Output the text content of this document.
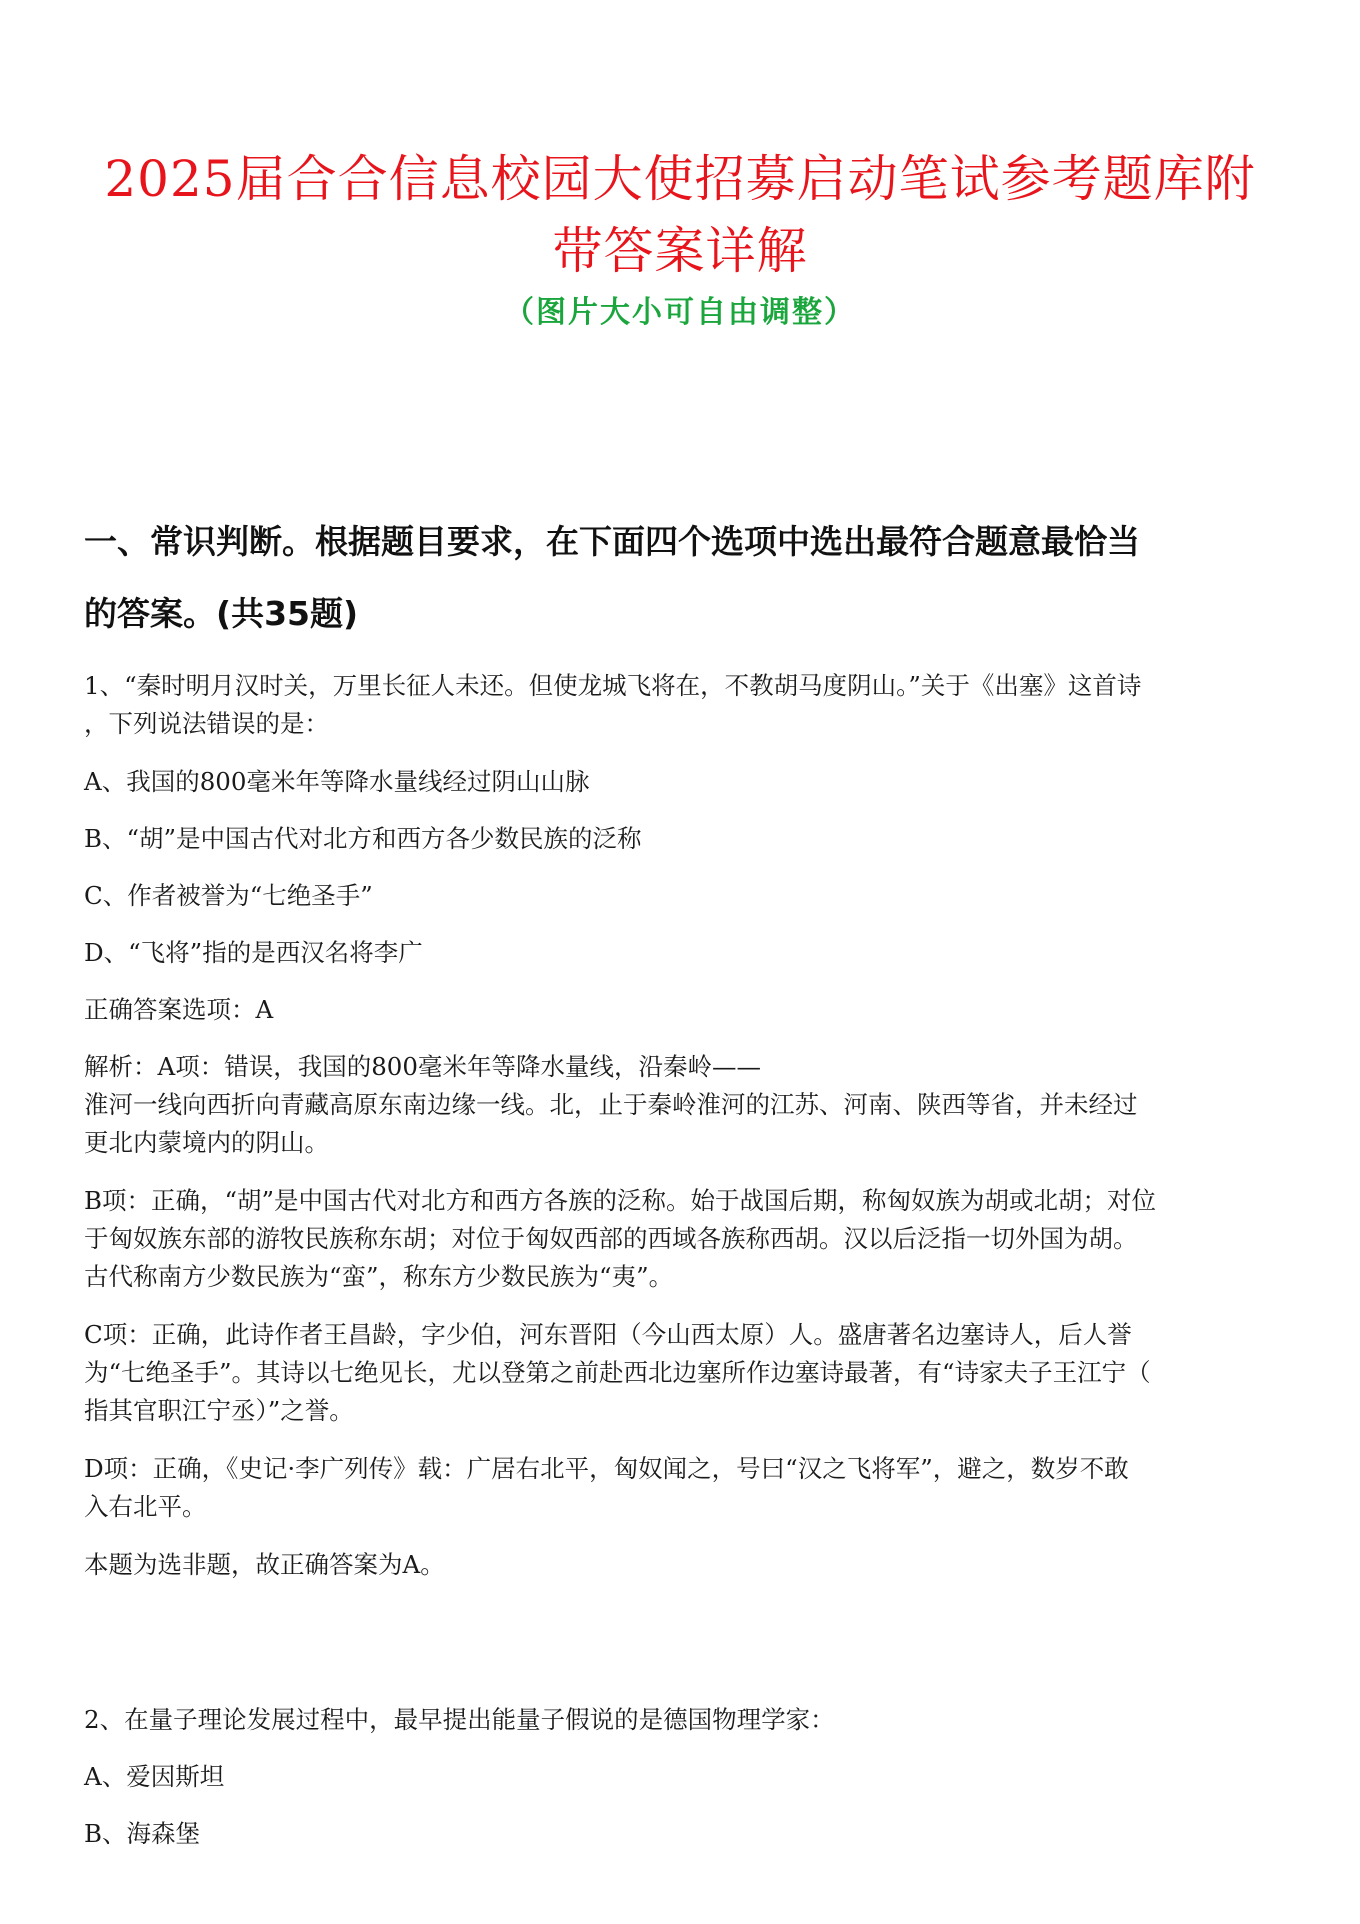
2025届合合信息校园大使招募启动笔试参考题库附
带答案详解
（图片大小可自由调整）
一、常识判断。根据题目要求，在下面四个选项中选出最符合题意最恰当
的答案。(共35题)
1、“秦时明月汉时关，万里长征人未还。但使龙城飞将在，不教胡马度阴山。”关于《出塞》这首诗
，下列说法错误的是：
A、我国的800毫米年等降水量线经过阴山山脉
B、“胡”是中国古代对北方和西方各少数民族的泛称
C、作者被誉为“七绝圣手”
D、“飞将”指的是西汉名将李广
正确答案选项：A
解析：A项：错误，我国的800毫米年等降水量线，沿秦岭——
淮河一线向西折向青藏高原东南边缘一线。北，止于秦岭淮河的江苏、河南、陕西等省，并未经过
更北内蒙境内的阴山。
B项：正确，“胡”是中国古代对北方和西方各族的泛称。始于战国后期，称匈奴族为胡或北胡；对位
于匈奴族东部的游牧民族称东胡；对位于匈奴西部的西域各族称西胡。汉以后泛指一切外国为胡。
古代称南方少数民族为“蛮”，称东方少数民族为“夷”。
C项：正确，此诗作者王昌龄，字少伯，河东晋阳（今山西太原）人。盛唐著名边塞诗人，后人誉
为“七绝圣手”。其诗以七绝见长，尤以登第之前赴西北边塞所作边塞诗最著，有“诗家夫子王江宁（
指其官职江宁丞）”之誉。
D项：正确，《史记·李广列传》载：广居右北平，匈奴闻之，号曰“汉之飞将军”，避之，数岁不敢
入右北平。
本题为选非题，故正确答案为A。
2、在量子理论发展过程中，最早提出能量子假说的是德国物理学家：
A、爱因斯坦
B、海森堡
